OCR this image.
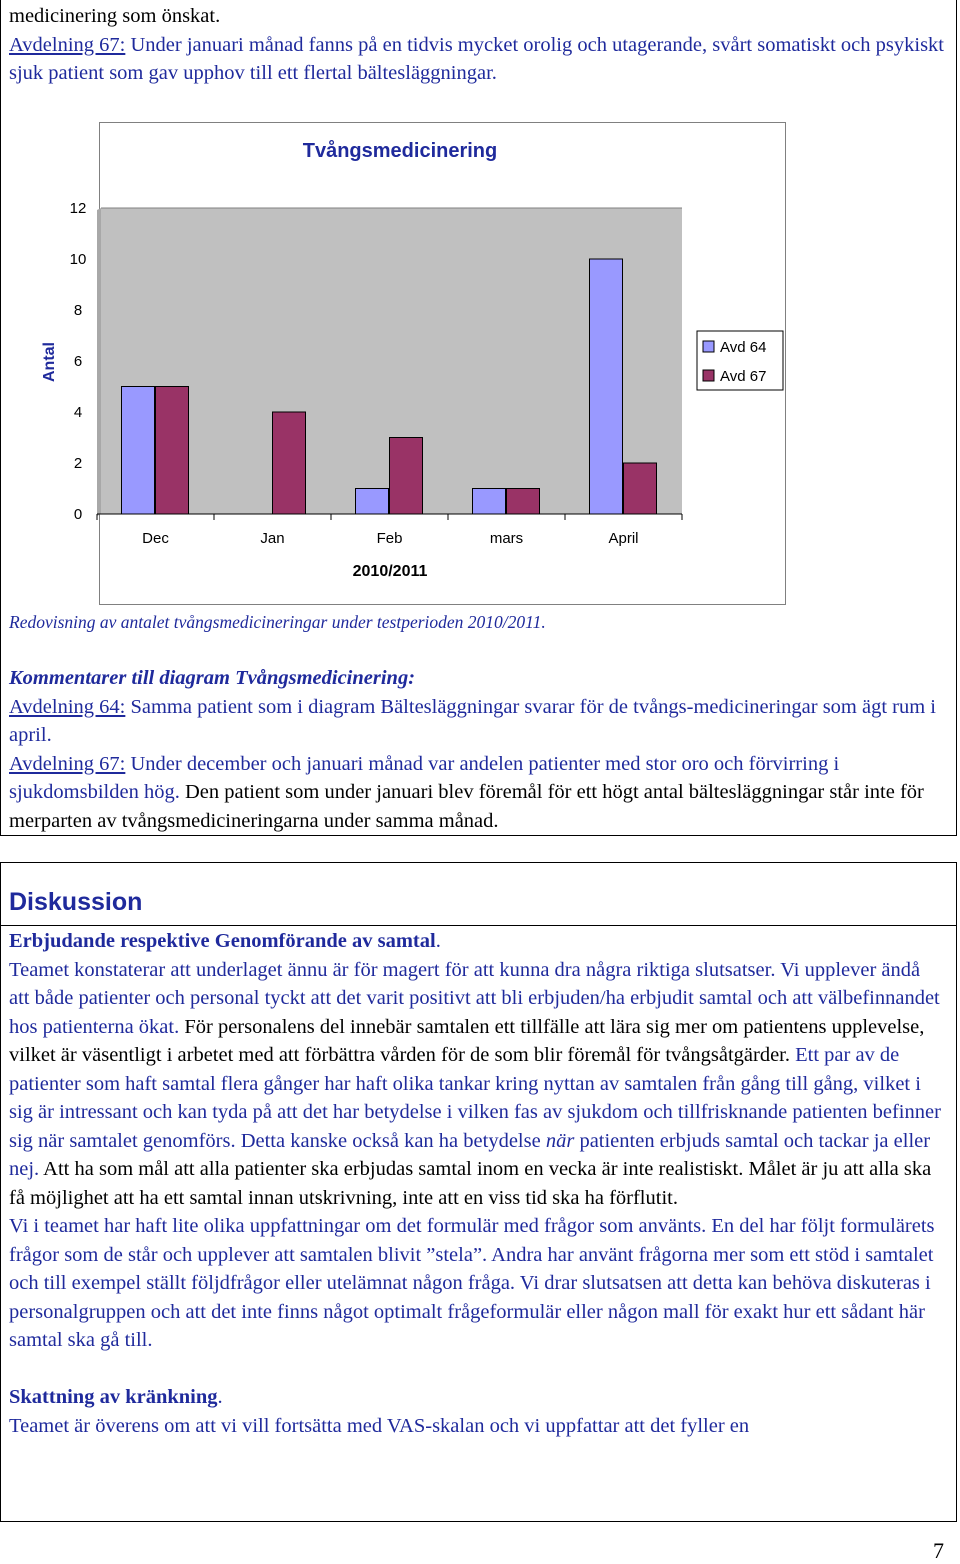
medicinering som önskat.

Avdelning 67: Under januari månad fanns på en tidvis mycket orolig och utagerande, svårt somatiskt och psykiskt sjuk patient som gav upphov till ett flertal bältesläggningar.

Tvångsmedicinering
Antal
2010/2011
0
2
4
6
8
10
12
Dec	Jan	Feb	mars	April
Avd 64
Avd 67
Redovisning av antalet tvångsmedicineringar under testperioden 2010/2011.

Kommentarer till diagram Tvångsmedicinering:

Avdelning 64: Samma patient som i diagram Bältesläggningar svarar för de tvångs-medicineringar som ägt rum i april.

Avdelning 67: Under december och januari månad var andelen patienter med stor oro och förvirring i sjukdomsbilden hög. Den patient som under januari blev föremål för ett högt antal bältesläggningar står inte för merparten av tvångsmedicineringarna under samma månad.

Diskussion

Erbjudande respektive Genomförande av samtal.

Teamet konstaterar att underlaget ännu är för magert för att kunna dra några riktiga slutsatser. Vi upplever ändå att både patienter och personal tyckt att det varit positivt att bli erbjuden/ha erbjudit samtal och att välbefinnandet hos patienterna ökat. För personalens del innebär samtalen ett tillfälle att lära sig mer om patientens upplevelse, vilket är väsentligt i arbetet med att förbättra vården för de som blir föremål för tvångsåtgärder. Ett par av de patienter som haft samtal flera gånger har haft olika tankar kring nyttan av samtalen från gång till gång, vilket i sig är intressant och kan tyda på att det har betydelse i vilken fas av sjukdom och tillfrisknande patienten befinner sig när samtalet genomförs. Detta kanske också kan ha betydelse när patienten erbjuds samtal och tackar ja eller nej. Att ha som mål att alla patienter ska erbjudas samtal inom en vecka är inte realistiskt. Målet är ju att alla ska få möjlighet att ha ett samtal innan utskrivning, inte att en viss tid ska ha förflutit.

Vi i teamet har haft lite olika uppfattningar om det formulär med frågor som använts. En del har följt formulärets frågor som de står och upplever att samtalen blivit ”stela”. Andra har använt frågorna mer som ett stöd i samtalet och till exempel ställt följdfrågor eller utelämnat någon fråga. Vi drar slutsatsen att detta kan behöva diskuteras i personalgruppen och att det inte finns något optimalt frågeformulär eller någon mall för exakt hur ett sådant här samtal ska gå till.

Skattning av kränkning.

Teamet är överens om att vi vill fortsätta med VAS-skalan och vi uppfattar att det fyller en

7
